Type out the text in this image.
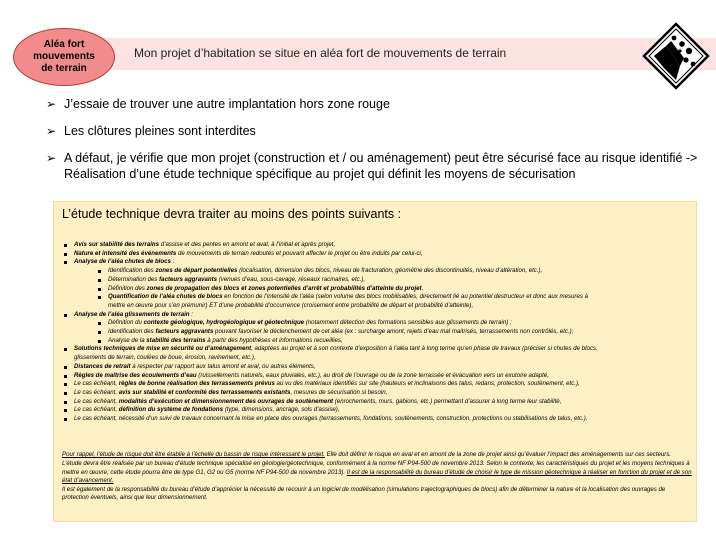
Mon projet d’habitation se situe en aléa fort de mouvements de terrain
Aléa fort mouvements de terrain
➢ J’essaie de trouver une autre implantation hors zone rouge
➢ Les clôtures pleines sont interdites
➢ A défaut, je vérifie que mon projet (construction et / ou aménagement) peut être sécurisé face au risque identifié -> Réalisation d’une étude technique spécifique au projet qui définit les moyens de sécurisation
L’étude technique devra traiter au moins des points suivants :
Avis sur stabilité des terrains d’assise et des pentes en amont et aval, à l’initial et après projet,
Nature et intensité des événements de mouvements de terrain redoutés et pouvant affecter le projet ou être induits par celui-ci,
Analyse de l’aléa chutes de blocs :
Identification des zones de départ potentielles (localisation, dimension des blocs, niveau de fracturation, géométrie des discontinuités, niveau d’altération, etc.),
Détermination des facteurs aggravants (venues d’eau, sous-cavage, réseaux racinaires, etc.),
Définition des zones de propagation des blocs et zones potentielles d’arrêt et probabilités d’atteinte du projet,
Quantification de l’aléa chutes de blocs en fonction de l’intensité de l’aléa (selon volume des blocs mobilisables, directement lié au potentiel destructeur et donc aux mesures à
mettre en œuvre pour s’en prémunir) ET d’une probabilité d’occurrence (croisement entre probabilité de départ et probabilité d’atteinte),
Analyse de l’aléa glissements de terrain :
Définition du contexte géologique, hydrogéologique et géotechnique (notamment détection des formations sensibles aux glissements de terrain) ;
Identification des facteurs aggravants pouvant favoriser le déclenchement de cet aléa (ex : surcharge amont, rejets d’eau mal maitrisés, terrassements non contrôlés, etc.);
Analyse de la stabilité des terrains à partir des hypothèses et informations recueillies,
Solutions techniques de mise en sécurité ou d’aménagement, adaptées au projet et à son contexte d’exposition à l’aléa tant à long terme qu’en phase de travaux (préciser si chutes de blocs,
glissements de terrain, coulées de boue, érosion, ravinement, etc.),
Distances de retrait à respecter par rapport aux talus amont et aval, ou autres éléments,
Règles de maîtrise des écoulements d’eau (ruissellements naturels, eaux pluviales, etc.), au droit de l’ouvrage ou de la zone terrassée et évacuation vers un exutoire adapté,
Le cas échéant, règles de bonne réalisation des terrassements prévus au vu des matériaux identifiés sur site (hauteurs et inclinaisons des talus, redans, protection, soutènement, etc.),
Le cas échéant, avis sur stabilité et conformité des terrassements existants, mesures de sécurisation si besoin,
Le cas échéant, modalités d’exécution et dimensionnement des ouvrages de soutènement (enrochements, murs, gabions, etc.) permettant d’assurer à long terme leur stabilité,
Le cas échéant, définition du système de fondations (type, dimensions, ancrage, sols d’assise),
Le cas échéant, nécessité d’un suivi de travaux concernant la mise en place des ouvrages (terrassements, fondations, soutènements, construction, protections ou stabilisations de talus, etc.).
Pour rappel, l’étude de risque doit être établie à l’échelle du bassin de risque intéressant le projet. Elle doit définir le risque en aval et en amont de la zone de projet ainsi qu’évaluer l’impact des aménagements sur ces secteurs.
L’étude devra être réalisée par un bureau d’étude technique spécialisé en géologie/géotechnique, conformément à la norme NF P94-500 de novembre 2013. Selon le contexte, les caractéristiques du projet et les moyens techniques à mettre en œuvre, cette étude pourra être de type G1, G2 ou G5 (norme NF P94-500 de novembre 2013). Il est de la responsabilité du bureau d’étude de choisir le type de mission géotechnique à réaliser en fonction du projet et de son état d’avancement.
Il est également de la responsabilité du bureau d’étude d’apprécier la nécessité de recourir à un logiciel de modélisation (simulations trajectographiques de blocs) afin de déterminer la nature et la localisation des ouvrages de protection éventuels, ainsi que leur dimensionnement.
